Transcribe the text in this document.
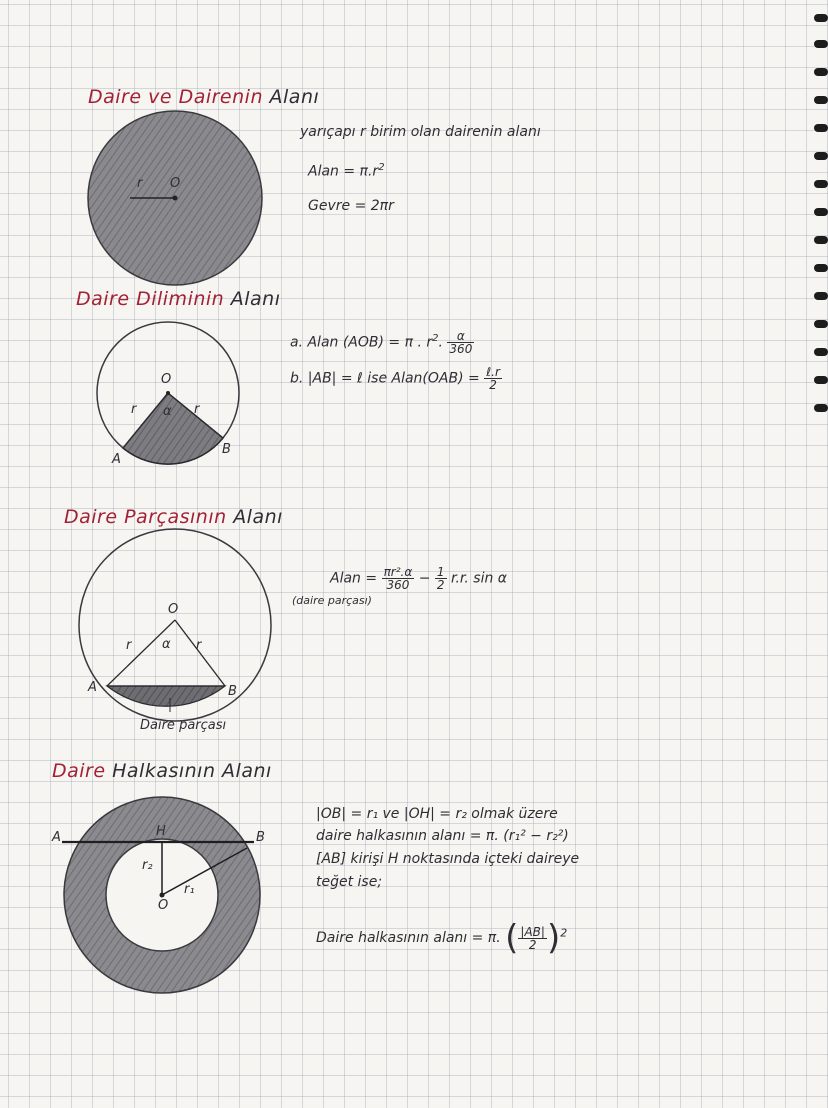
Daire ve Dairenin Alanı
r O
yarıçapı r birim olan dairenin alanı
Alan = $\pi.r^2$
Gevre = 2πr
Daire Diliminin Alanı
O
r	r
α
A
B
a. Alan (AOB) = π . $r^2$. $\frac{\alpha}{360}$
b. |AB| = ℓ ise Alan(OAB) = $\frac{\text{ℓ.r}}{2}$
Daire Parçasının Alanı
O
r	r
α
A	B
Daire parçası
Alan = $\frac{\text{πr².α}}{360} - \frac{1}{2} r.r$. sin α
(daire parçası)
Daire Halkasının Alanı
A	B
H
O
r₂
r₁
|OB| = r₁ ve |OH| = r₂ olmak üzere
daire halkasının alanı = π. (r₁² − r₂²)
[AB] kirişi H noktasında içteki daireye
teğet ise;
Daire halkasının alanı = π. ( $\frac{|AB|}{2} )^2$
